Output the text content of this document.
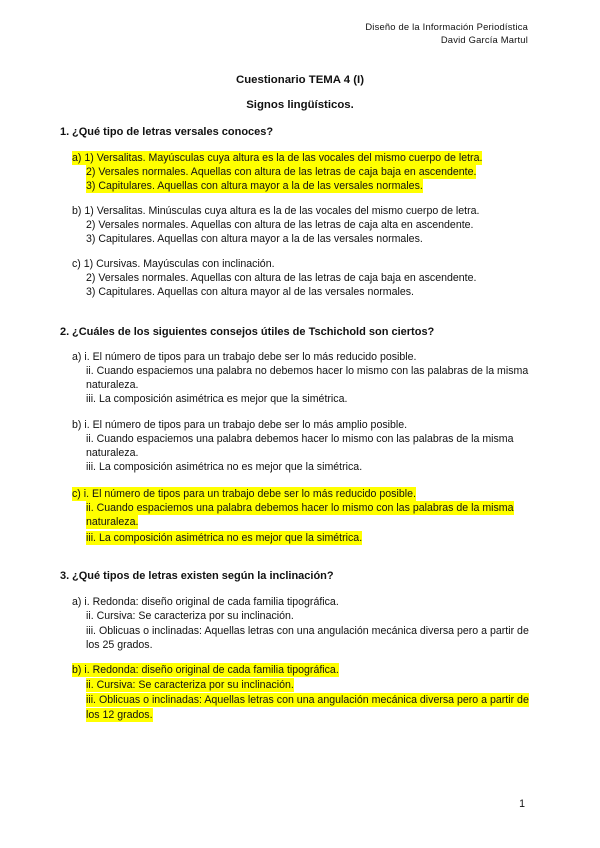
Diseño de la Información Periodística
David García Martul
Cuestionario TEMA 4 (I)
Signos lingüísticos.
1. ¿Qué tipo de letras versales conoces?
a) 1) Versalitas. Mayúsculas cuya altura es la de las vocales del mismo cuerpo de letra.
2) Versales normales. Aquellas con altura de las letras de caja baja en ascendente.
3) Capitulares. Aquellas con altura mayor a la de las versales normales.
b) 1) Versalitas. Minúsculas cuya altura es la de las vocales del mismo cuerpo de letra.
2) Versales normales. Aquellas con altura de las letras de caja alta en ascendente.
3) Capitulares. Aquellas con altura mayor a la de las versales normales.
c) 1) Cursivas. Mayúsculas con inclinación.
2) Versales normales. Aquellas con altura de las letras de caja baja en ascendente.
3) Capitulares. Aquellas con altura mayor al de las versales normales.
2. ¿Cuáles de los siguientes consejos útiles de Tschichold son ciertos?
a) i. El número de tipos para un trabajo debe ser lo más reducido posible.
ii. Cuando espaciemos una palabra no debemos hacer lo mismo con las palabras de la misma
naturaleza.
iii. La composición asimétrica es mejor que la simétrica.
b) i. El número de tipos para un trabajo debe ser lo más amplio posible.
ii. Cuando espaciemos una palabra debemos hacer lo mismo con las palabras de la misma
naturaleza.
iii. La composición asimétrica no es mejor que la simétrica.
c) i. El número de tipos para un trabajo debe ser lo más reducido posible.
ii. Cuando espaciemos una palabra debemos hacer lo mismo con las palabras de la misma
naturaleza.
iii. La composición asimétrica no es mejor que la simétrica.
3. ¿Qué tipos de letras existen según la inclinación?
a) i. Redonda: diseño original de cada familia tipográfica.
ii. Cursiva: Se caracteriza por su inclinación.
iii. Oblicuas o inclinadas: Aquellas letras con una angulación mecánica diversa pero a partir de
los 25 grados.
b) i. Redonda: diseño original de cada familia tipográfica.
ii. Cursiva: Se caracteriza por su inclinación.
iii. Oblicuas o inclinadas: Aquellas letras con una angulación mecánica diversa pero a partir de
los 12 grados.
1
